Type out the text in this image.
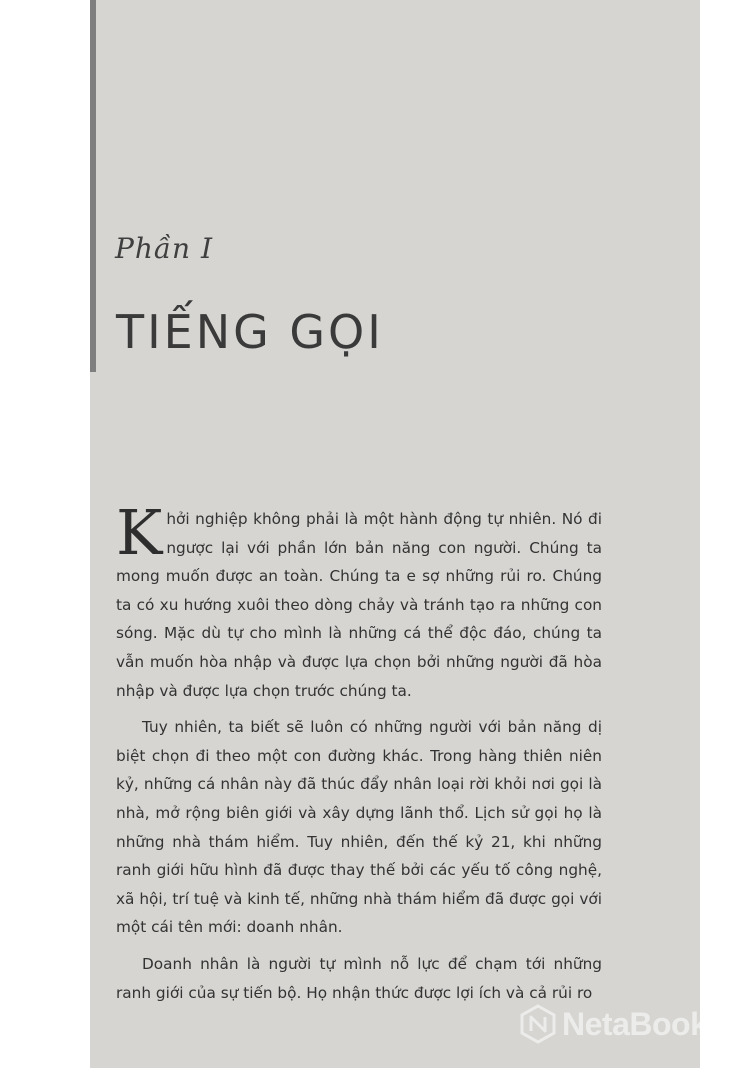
Phần I
TIẾNG GỌI

Khởi nghiệp không phải là một hành động tự nhiên. Nó đi ngược lại với phần lớn bản năng con người. Chúng ta mong muốn được an toàn. Chúng ta e sợ những rủi ro. Chúng ta có xu hướng xuôi theo dòng chảy và tránh tạo ra những con sóng. Mặc dù tự cho mình là những cá thể độc đáo, chúng ta vẫn muốn hòa nhập và được lựa chọn bởi những người đã hòa nhập và được lựa chọn trước chúng ta.

Tuy nhiên, ta biết sẽ luôn có những người với bản năng dị biệt chọn đi theo một con đường khác. Trong hàng thiên niên kỷ, những cá nhân này đã thúc đẩy nhân loại rời khỏi nơi gọi là nhà, mở rộng biên giới và xây dựng lãnh thổ. Lịch sử gọi họ là những nhà thám hiểm. Tuy nhiên, đến thế kỷ 21, khi những ranh giới hữu hình đã được thay thế bởi các yếu tố công nghệ, xã hội, trí tuệ và kinh tế, những nhà thám hiểm đã được gọi với một cái tên mới: doanh nhân.

Doanh nhân là người tự mình nỗ lực để chạm tới những ranh giới của sự tiến bộ. Họ nhận thức được lợi ích và cả rủi ro

NetaBooks .vn
